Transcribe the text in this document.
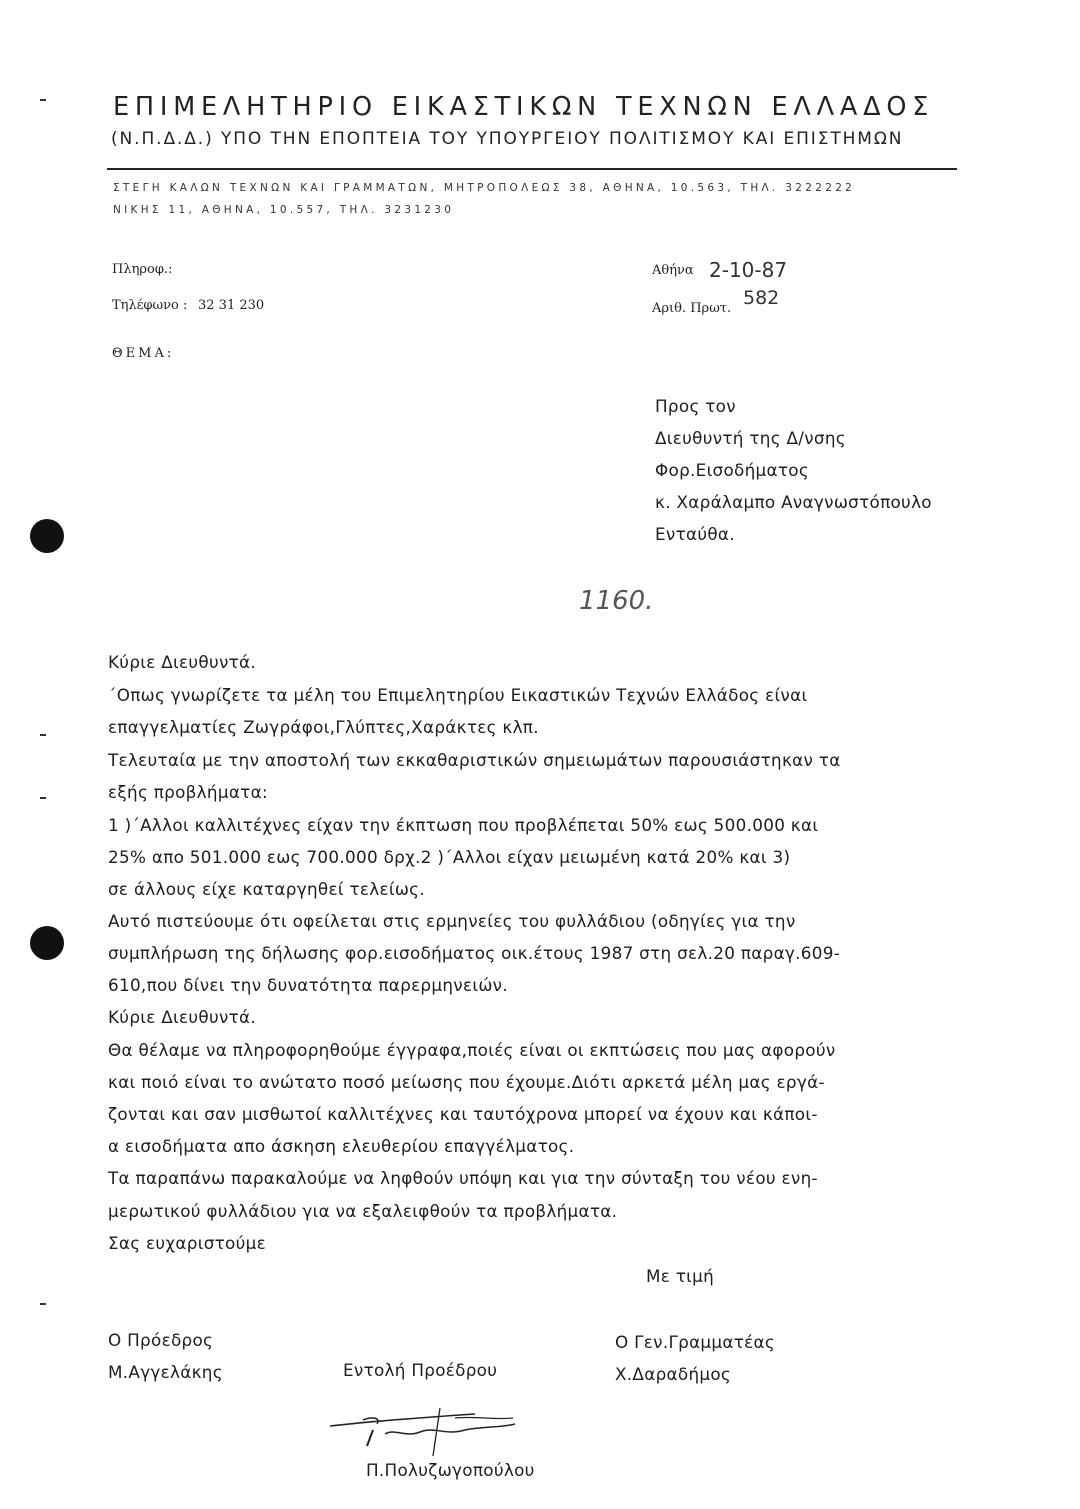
ΕΠΙΜΕΛΗΤΗΡΙΟ ΕΙΚΑΣΤΙΚΩΝ ΤΕΧΝΩΝ ΕΛΛΑΔΟΣ
(Ν.Π.Δ.Δ.) ΥΠΟ ΤΗΝ ΕΠΟΠΤΕΙΑ ΤΟΥ ΥΠΟΥΡΓΕΙΟΥ ΠΟΛΙΤΙΣΜΟΥ ΚΑΙ ΕΠΙΣΤΗΜΩΝ
ΣΤΕΓΗ ΚΑΛΩΝ ΤΕΧΝΩΝ ΚΑΙ ΓΡΑΜΜΑΤΩΝ, ΜΗΤΡΟΠΟΛΕΩΣ 38, ΑΘΗΝΑ, 10.563, ΤΗΛ. 3222222
ΝΙΚΗΣ 11, ΑΘΗΝΑ, 10.557, ΤΗΛ. 3231230
Πληροφ.:
Τηλέφωνο : 32 31 230
Αθήνα 2-10-87
Αριθ. Πρωτ. 582
ΘΕΜΑ:
Προς τον
Διευθυντή της Δ/νσης
Φορ.Εισοδήματος
κ. Χαράλαμπο Αναγνωστόπουλο
Ενταύθα.
1160.
Κύριε Διευθυντά.
΄Οπως γνωρίζετε τα μέλη του Επιμελητηρίου Εικαστικών Τεχνών Ελλάδος είναι
επαγγελματίες Ζωγράφοι,Γλύπτες,Χαράκτες κλπ.
Τελευταία με την αποστολή των εκκαθαριστικών σημειωμάτων παρουσιάστηκαν τα
εξής προβλήματα:
1 )΄Αλλοι καλλιτέχνες είχαν την έκπτωση που προβλέπεται 50% εως 500.000 και
25% απο 501.000 εως 700.000 δρχ.2 )΄Αλλοι είχαν μειωμένη κατά 20% και 3)
σε άλλους είχε καταργηθεί τελείως.
Αυτό πιστεύουμε ότι οφείλεται στις ερμηνείες του φυλλάδιου (οδηγίες για την
συμπλήρωση της δήλωσης φορ.εισοδήματος οικ.έτους 1987 στη σελ.20 παραγ.609-
610,που δίνει την δυνατότητα παρερμηνειών.
Κύριε Διευθυντά.
Θα θέλαμε να πληροφορηθούμε έγγραφα,ποιές είναι οι εκπτώσεις που μας αφορούν
και ποιό είναι το ανώτατο ποσό μείωσης που έχουμε.Διότι αρκετά μέλη μας εργά-
ζονται και σαν μισθωτοί καλλιτέχνες και ταυτόχρονα μπορεί να έχουν και κάποι-
α εισοδήματα απο άσκηση ελευθερίου επαγγέλματος.
Τα παραπάνω παρακαλούμε να ληφθούν υπόψη και για την σύνταξη του νέου ενη-
μερωτικού φυλλάδιου για να εξαλειφθούν τα προβλήματα.
Σας ευχαριστούμε
Με τιμή
Ο Πρόεδρος
Μ.Αγγελάκης	Εντολή Προέδρου
Ο Γεν.Γραμματέας
Χ.Δαραδήμος
Π.Πολυζωγοπούλου
